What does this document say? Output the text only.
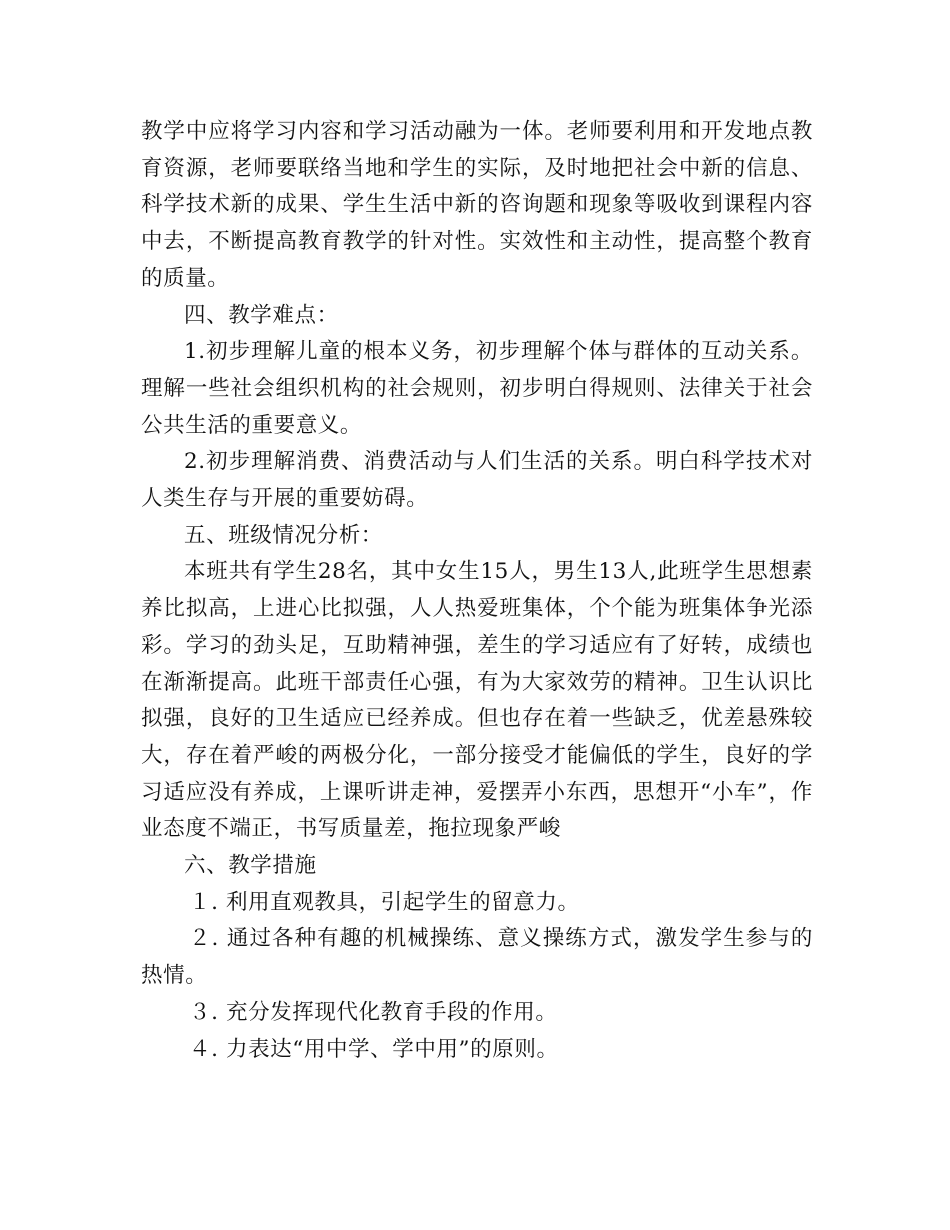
教学中应将学习内容和学习活动融为一体。老师要利用和开发地点教育资源，老师要联络当地和学生的实际，及时地把社会中新的信息、科学技术新的成果、学生生活中新的咨询题和现象等吸收到课程内容中去，不断提高教育教学的针对性。实效性和主动性，提高整个教育的质量。

四、教学难点：

1.初步理解儿童的根本义务，初步理解个体与群体的互动关系。理解一些社会组织机构的社会规则，初步明白得规则、法律关于社会公共生活的重要意义。

2.初步理解消费、消费活动与人们生活的关系。明白科学技术对人类生存与开展的重要妨碍。

五、班级情况分析：

本班共有学生28名，其中女生15人，男生13人,此班学生思想素养比拟高，上进心比拟强，人人热爱班集体，个个能为班集体争光添彩。学习的劲头足，互助精神强，差生的学习适应有了好转，成绩也在渐渐提高。此班干部责任心强，有为大家效劳的精神。卫生认识比拟强，良好的卫生适应已经养成。但也存在着一些缺乏，优差悬殊较大，存在着严峻的两极分化，一部分接受才能偏低的学生，良好的学习适应没有养成，上课听讲走神，爱摆弄小东西，思想开“小车”，作业态度不端正，书写质量差，拖拉现象严峻

六、教学措施

１. 利用直观教具，引起学生的留意力。

２. 通过各种有趣的机械操练、意义操练方式，激发学生参与的热情。

３. 充分发挥现代化教育手段的作用。

４. 力表达“用中学、学中用”的原则。
